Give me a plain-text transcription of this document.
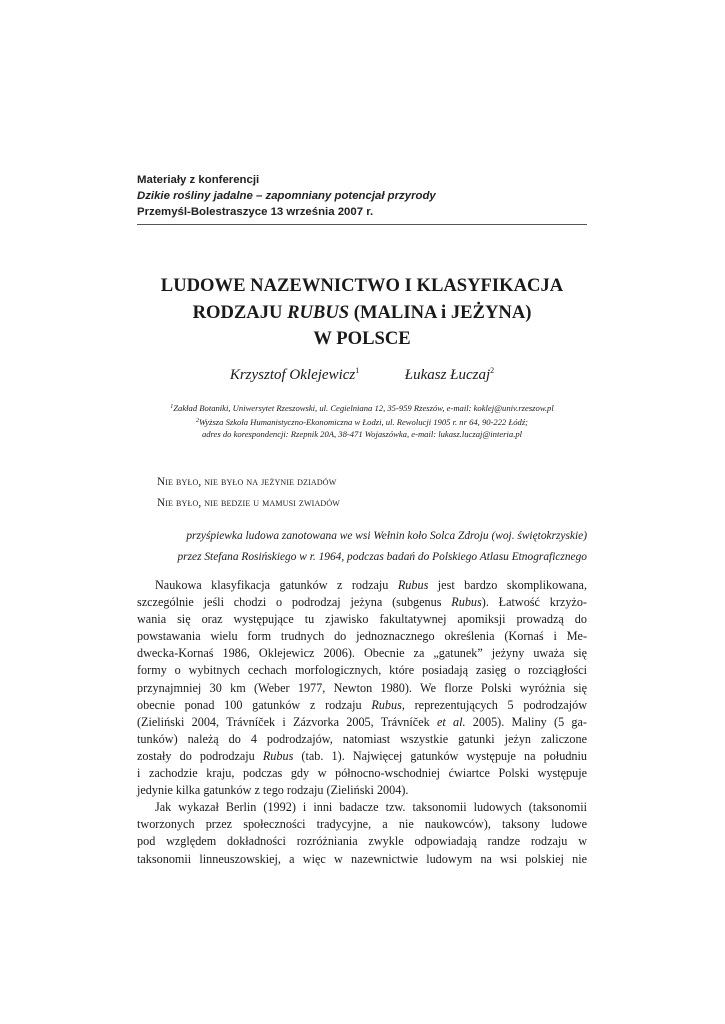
Materiały z konferencji
Dzikie rośliny jadalne – zapomniany potencjał przyrody
Przemyśl-Bolestraszyce 13 września 2007 r.
LUDOWE NAZEWNICTWO I KLASYFIKACJA
RODZAJU RUBUS (MALINA i JEŻYNA)
W POLSCE
Krzysztof Oklejewicz$^1$	Łukasz Łuczaj$^2$
$^1$Zakład Botaniki, Uniwersytet Rzeszowski, ul. Cegielniana 12, 35-959 Rzeszów, e-mail: koklej@univ.rzeszow.pl
$^2$Wyższa Szkoła Humanistyczno-Ekonomiczna w Łodzi, ul. Rewolucji 1905 r. nr 64, 90-222 Łódź;
adres do korespondencji: Rzepnik 20A, 38-471 Wojaszówka, e-mail: lukasz.luczaj@interia.pl
Nie było, nie było na jeżynie dziadów
Nie było, nie bedzie u mamusi zwiadów
przyśpiewka ludowa zanotowana we wsi Wełnin koło Solca Zdroju (woj. świętokrzyskie)
przez Stefana Rosińskiego w r. 1964, podczas badań do Polskiego Atlasu Etnograficznego
Naukowa klasyfikacja gatunków z rodzaju Rubus jest bardzo skomplikowana,
szczególnie jeśli chodzi o podrodzaj jeżyna (subgenus Rubus). Łatwość krzyżo-
wania się oraz występujące tu zjawisko fakultatywnej apomiksji prowadzą do
powstawania wielu form trudnych do jednoznacznego określenia (Kornaś i Me-
dwecka-Kornaś 1986, Oklejewicz 2006). Obecnie za „gatunek” jeżyny uważa się
formy o wybitnych cechach morfologicznych, które posiadają zasięg o rozciągłości
przynajmniej 30 km (Weber 1977, Newton 1980). We florze Polski wyróżnia się
obecnie ponad 100 gatunków z rodzaju Rubus, reprezentujących 5 podrodzajów
(Zieliński 2004, Trávníček i Zázvorka 2005, Trávníček et al. 2005). Maliny (5 ga-
tunków) należą do 4 podrodzajów, natomiast wszystkie gatunki jeżyn zaliczone
zostały do podrodzaju Rubus (tab. 1). Najwięcej gatunków występuje na południu
i zachodzie kraju, podczas gdy w północno-wschodniej ćwiartce Polski występuje
jedynie kilka gatunków z tego rodzaju (Zieliński 2004).
Jak wykazał Berlin (1992) i inni badacze tzw. taksonomii ludowych (taksonomii
tworzonych przez społeczności tradycyjne, a nie naukowców), taksony ludowe
pod względem dokładności rozróżniania zwykle odpowiadają randze rodzaju w
taksonomii linneuszowskiej, a więc w nazewnictwie ludowym na wsi polskiej nie
